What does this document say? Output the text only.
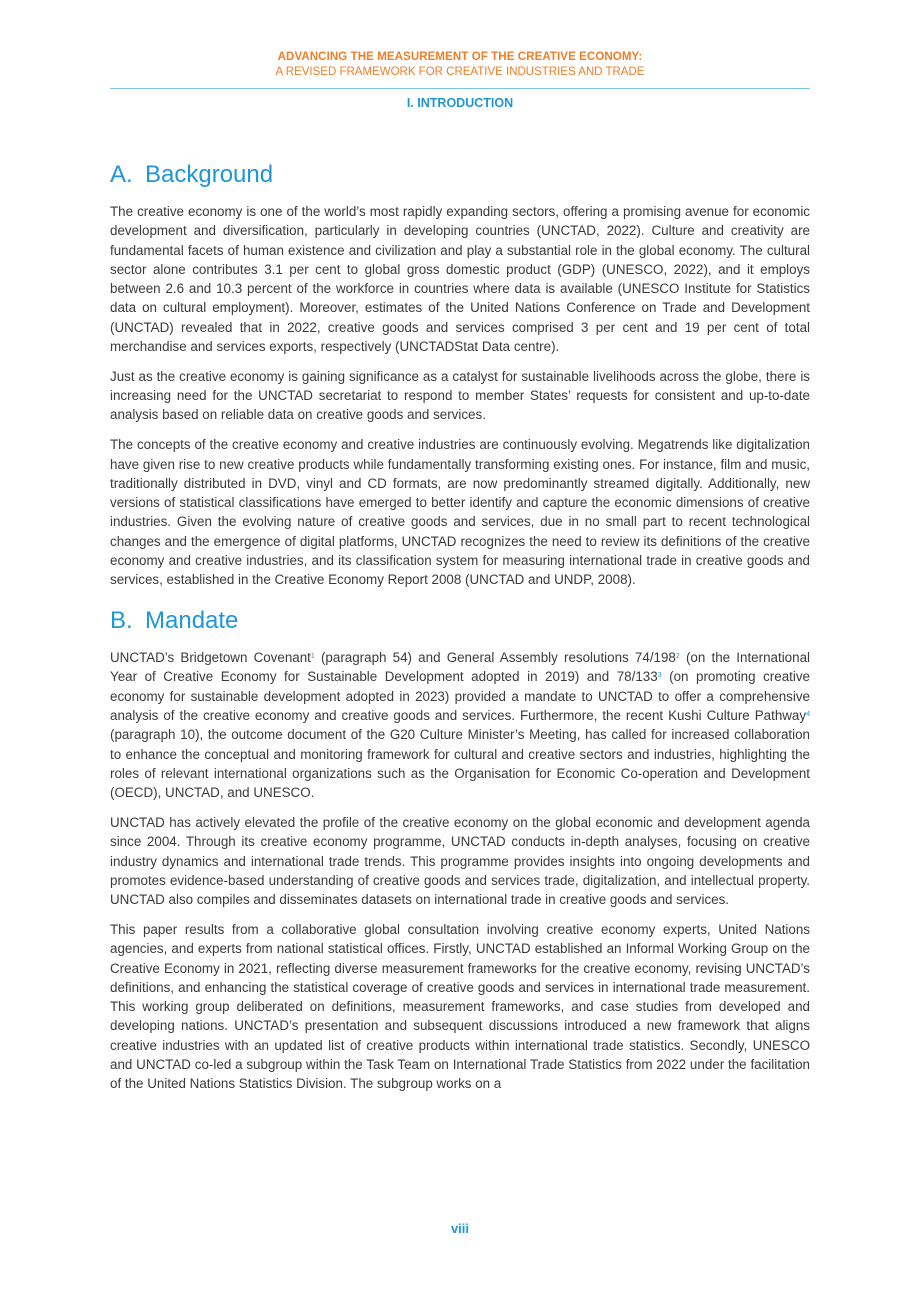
ADVANCING THE MEASUREMENT OF THE CREATIVE ECONOMY:
A REVISED FRAMEWORK FOR CREATIVE INDUSTRIES AND TRADE
I. INTRODUCTION
A. Background

The creative economy is one of the world’s most rapidly expanding sectors, offering a promising avenue for economic development and diversification, particularly in developing countries (UNCTAD, 2022). Culture and creativity are fundamental facets of human existence and civilization and play a substantial role in the global economy. The cultural sector alone contributes 3.1 per cent to global gross domestic product (GDP) (UNESCO, 2022), and it employs between 2.6 and 10.3 percent of the workforce in countries where data is available (UNESCO Institute for Statistics data on cultural employment). Moreover, estimates of the United Nations Conference on Trade and Development (UNCTAD) revealed that in 2022, creative goods and services comprised 3 per cent and 19 per cent of total merchandise and services exports, respectively (UNCTADStat Data centre).

Just as the creative economy is gaining significance as a catalyst for sustainable livelihoods across the globe, there is increasing need for the UNCTAD secretariat to respond to member States’ requests for consistent and up-to-date analysis based on reliable data on creative goods and services.

The concepts of the creative economy and creative industries are continuously evolving. Megatrends like digitalization have given rise to new creative products while fundamentally transforming existing ones. For instance, film and music, traditionally distributed in DVD, vinyl and CD formats, are now predominantly streamed digitally. Additionally, new versions of statistical classifications have emerged to better identify and capture the economic dimensions of creative industries. Given the evolving nature of creative goods and services, due in no small part to recent technological changes and the emergence of digital platforms, UNCTAD recognizes the need to review its definitions of the creative economy and creative industries, and its classification system for measuring international trade in creative goods and services, established in the Creative Economy Report 2008 (UNCTAD and UNDP, 2008).

B. Mandate

UNCTAD’s Bridgetown Covenant$^1$ (paragraph 54) and General Assembly resolutions $74/198^2$ (on the International Year of Creative Economy for Sustainable Development adopted in 2019) and $78/133^3$ (on promoting creative economy for sustainable development adopted in 2023) provided a mandate to UNCTAD to offer a comprehensive analysis of the creative economy and creative goods and services. Furthermore, the recent Kushi Culture Pathway$^4$ (paragraph 10), the outcome document of the G20 Culture Minister’s Meeting, has called for increased collaboration to enhance the conceptual and monitoring framework for cultural and creative sectors and industries, highlighting the roles of relevant international organizations such as the Organisation for Economic Co-operation and Development (OECD), UNCTAD, and UNESCO.

UNCTAD has actively elevated the profile of the creative economy on the global economic and development agenda since 2004. Through its creative economy programme, UNCTAD conducts in-depth analyses, focusing on creative industry dynamics and international trade trends. This programme provides insights into ongoing developments and promotes evidence-based understanding of creative goods and services trade, digitalization, and intellectual property. UNCTAD also compiles and disseminates datasets on international trade in creative goods and services.

This paper results from a collaborative global consultation involving creative economy experts, United Nations agencies, and experts from national statistical offices. Firstly, UNCTAD established an Informal Working Group on the Creative Economy in 2021, reflecting diverse measurement frameworks for the creative economy, revising UNCTAD’s definitions, and enhancing the statistical coverage of creative goods and services in international trade measurement. This working group deliberated on definitions, measurement frameworks, and case studies from developed and developing nations. UNCTAD’s presentation and subsequent discussions introduced a new framework that aligns creative industries with an updated list of creative products within international trade statistics. Secondly, UNESCO and UNCTAD co-led a subgroup within the Task Team on International Trade Statistics from 2022 under the facilitation of the United Nations Statistics Division. The subgroup works on a

viii
